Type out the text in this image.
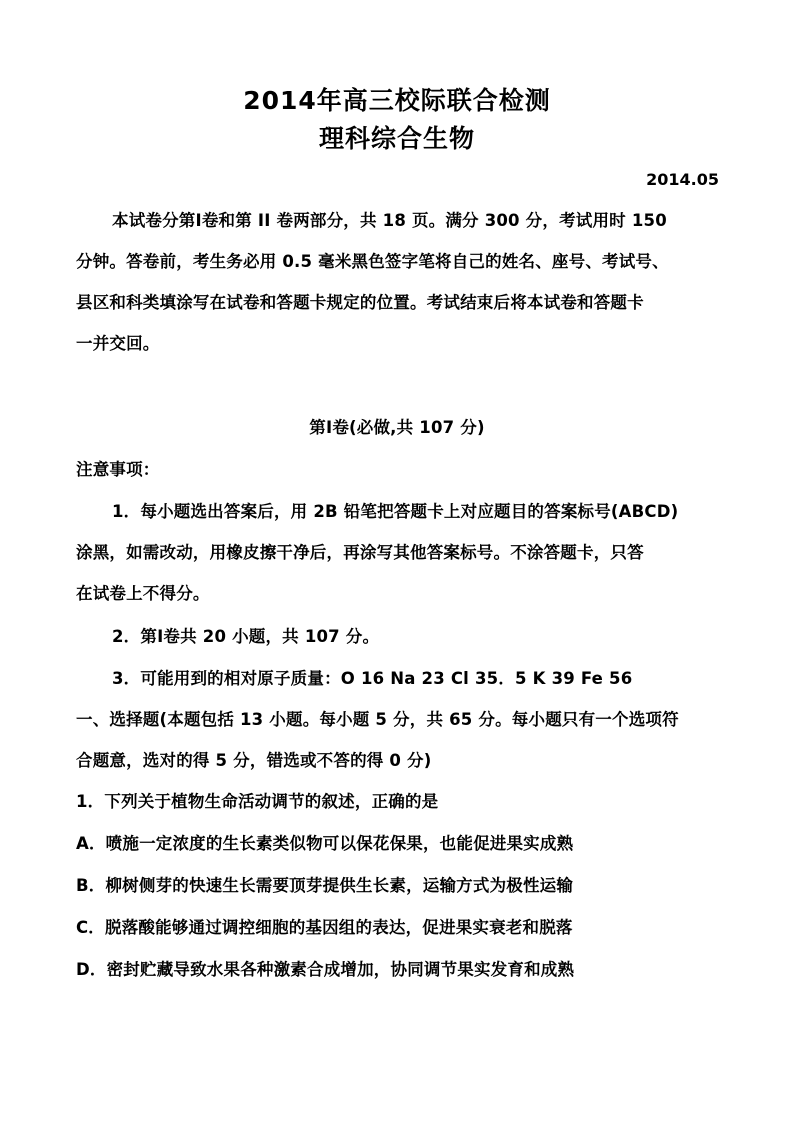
2014年高三校际联合检测
理科综合生物
2014.05
本试卷分第Ⅰ卷和第 II 卷两部分，共 18 页。满分 300 分，考试用时 150
分钟。答卷前，考生务必用 0.5 毫米黑色签字笔将自己的姓名、座号、考试号、
县区和科类填涂写在试卷和答题卡规定的位置。考试结束后将本试卷和答题卡
一并交回。
第Ⅰ卷(必做,共 107 分)
注意事项：
1．每小题选出答案后，用 2B 铅笔把答题卡上对应题目的答案标号(ABCD)
涂黑，如需改动，用橡皮擦干净后，再涂写其他答案标号。不涂答题卡，只答
在试卷上不得分。
2．第Ⅰ卷共 20 小题，共 107 分。
3．可能用到的相对原子质量：O 16 Na 23 Cl 35．5 K 39 Fe 56
一、选择题(本题包括 13 小题。每小题 5 分，共 65 分。每小题只有一个选项符
合题意，选对的得 5 分，错选或不答的得 0 分)
1．下列关于植物生命活动调节的叙述，正确的是
A．喷施一定浓度的生长素类似物可以保花保果，也能促进果实成熟
B．柳树侧芽的快速生长需要顶芽提供生长素，运输方式为极性运输
C．脱落酸能够通过调控细胞的基因组的表达，促进果实衰老和脱落
D．密封贮藏导致水果各种激素合成增加，协同调节果实发育和成熟
